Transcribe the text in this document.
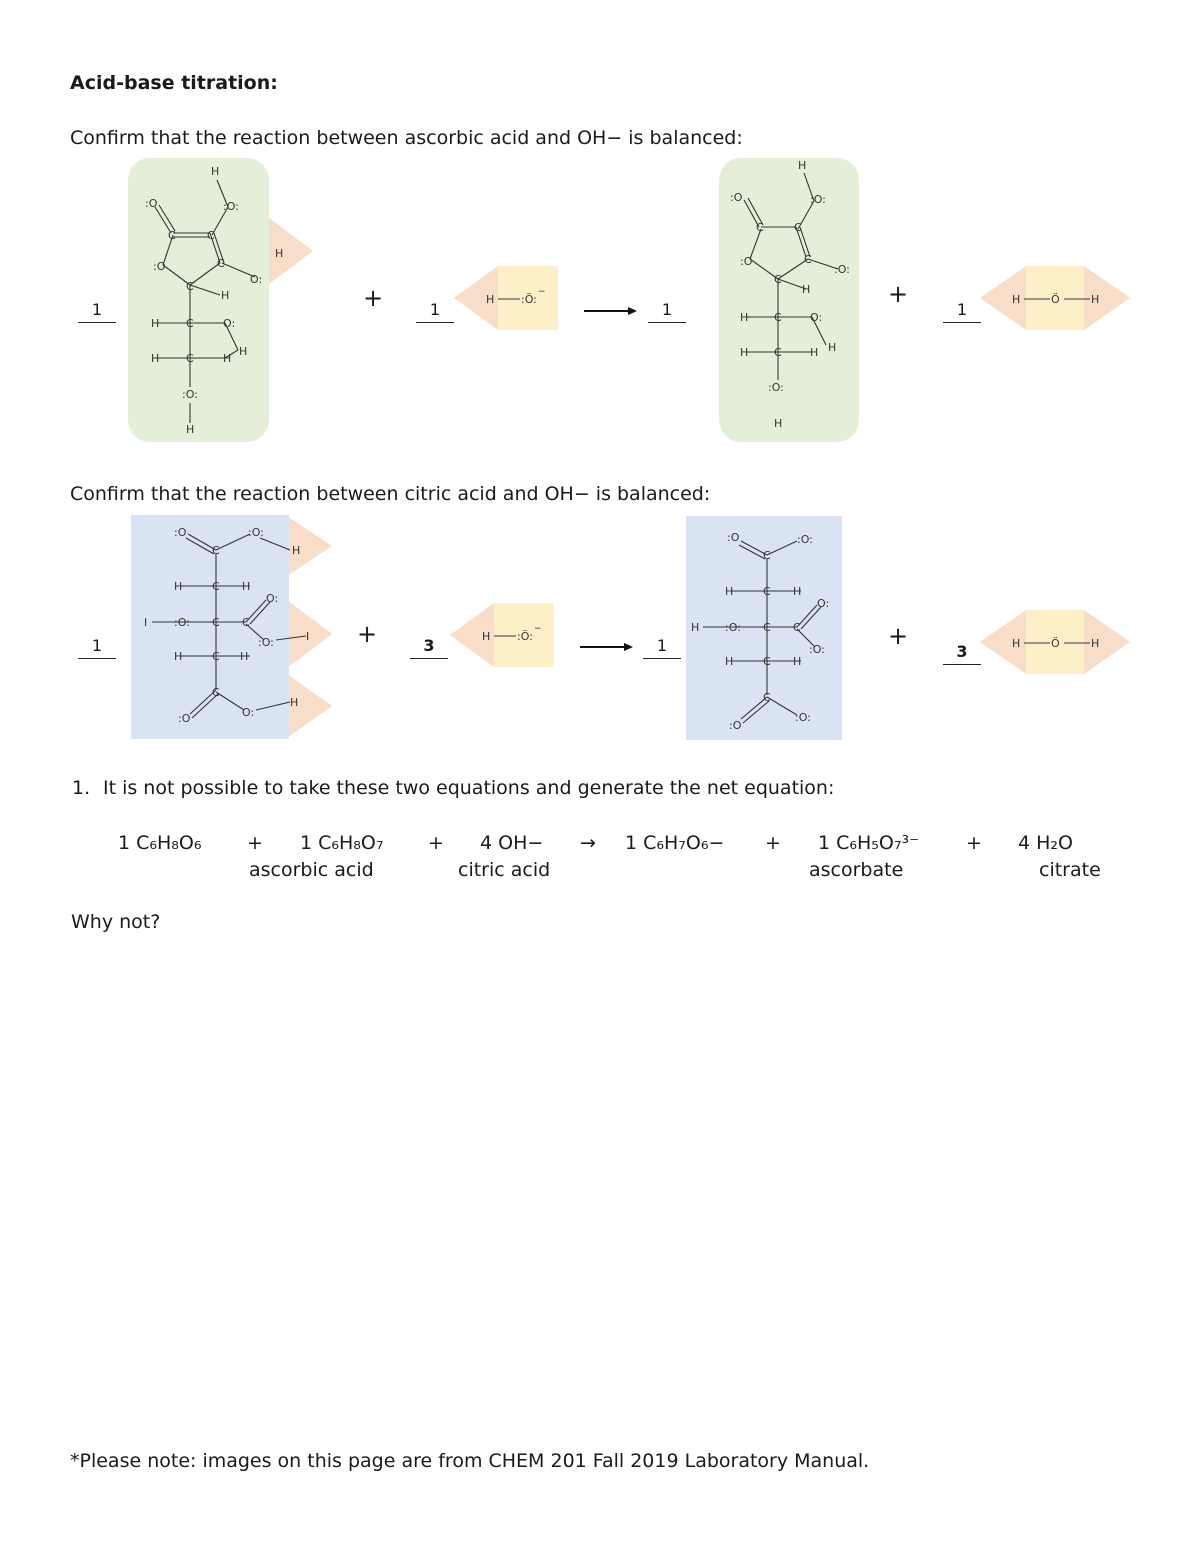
Acid-base titration:
Confirm that the reaction between ascorbic acid and OH− is balanced:
H
:O:
:O
C	C
:O	C
O:
H
C
H
H C	O:
H
H C	H
:O:
H
1	+	1
H :Ö:
−
→	1
H
:O:
:O
C	C
:O	C
:O:
H
C
H C	O:
H
H C	H
:O:
H
+
1
H	Ö	H
Confirm that the reaction between citric acid and OH− is balanced:
:O	:O:
H
C
H	C H
I :O: C C
O:
:O:	I
H	C H
C
:O	O:
H
1	+	3	H :Ö:
−
→	1
:O	:O:
C
H	C H
H :O: C C
O:
:O:
H	C H
C
:O
:O:
+
3	H	Ö	H
1. It is not possible to take these two equations and generate the net equation:
1 C₆H₈O₆ + 1 C₆H₈O₇ + 4 OH− → 1 C₆H₇O₆− + 1 C₆H₅O₇³⁻ + 4 H₂O
ascorbic acid	citric acid	ascorbate	citrate
Why not?
*Please note: images on this page are from CHEM 201 Fall 2019 Laboratory Manual.
